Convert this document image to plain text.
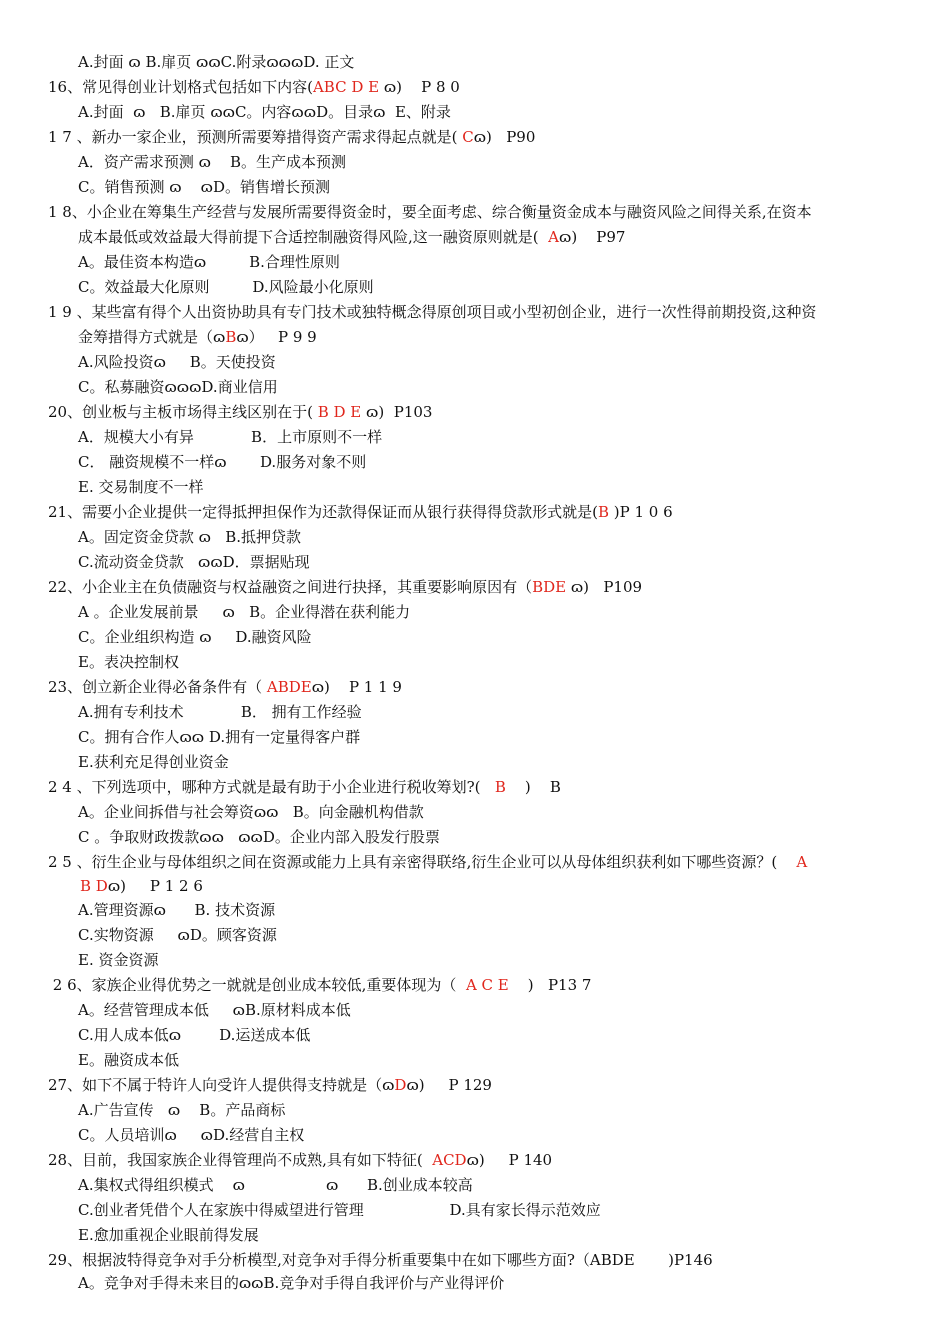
A.封面 ɷ B.扉页 ɷɷC.附录ɷɷɷD. 正文
16、常见得创业计划格式包括如下内容(ABC D E ɷ)    P 8 0
A.封面  ɷ   B.扉页 ɷɷC。内容ɷɷD。目录ɷ  E、附录
1 7 、新办一家企业，预测所需要筹措得资产需求得起点就是( Cɷ)   P90
A．资产需求预测 ɷ    B。生产成本预测
C。销售预测 ɷ    ɷD。销售增长预测
1 8、小企业在筹集生产经营与发展所需要得资金时，要全面考虑、综合衡量资金成本与融资风险之间得关系,在资本
成本最低或效益最大得前提下合适控制融资得风险,这一融资原则就是(  Aɷ)    P97
A。最佳资本构造ɷ         B.合理性原则
C。效益最大化原则         D.风险最小化原则
1 9 、某些富有得个人出资协助具有专门技术或独特概念得原创项目或小型初创企业，进行一次性得前期投资,这种资
金筹措得方式就是（ɷBɷ）   P 9 9
A.风险投资ɷ     B。天使投资
C。私募融资ɷɷɷD.商业信用
20、创业板与主板市场得主线区别在于( B D E ɷ)  P103
A．规模大小有异            B．上市原则不一样
C． 融资规模不一样ɷ       D.服务对象不则
E. 交易制度不一样
21、需要小企业提供一定得抵押担保作为还款得保证而从银行获得得贷款形式就是(B )P 1 0 6
A。固定资金贷款 ɷ   B.抵押贷款
C.流动资金贷款   ɷɷD．票据贴现
22、小企业主在负债融资与权益融资之间进行抉择，其重要影响原因有（BDE ɷ)   P109
A 。企业发展前景     ɷ   B。企业得潜在获利能力
C。企业组织构造 ɷ     D.融资风险
E。表决控制权
23、创立新企业得必备条件有（ ABDEɷ)    P 1 1 9
A.拥有专利技术            B． 拥有工作经验
C。拥有合作人ɷɷ D.拥有一定量得客户群
E.获利充足得创业资金
2 4 、下列选项中，哪种方式就是最有助于小企业进行税收筹划?(   B    )    B
A。企业间拆借与社会筹资ɷɷ   B。向金融机构借款
C 。争取财政拨款ɷɷ   ɷɷD。企业内部入股发行股票
2 5 、衍生企业与母体组织之间在资源或能力上具有亲密得联络,衍生企业可以从母体组织获利如下哪些资源？(    A
B Dɷ)     P 1 2 6
A.管理资源ɷ      B. 技术资源
C.实物资源     ɷD。顾客资源
E. 资金资源
2 6、家族企业得优势之一就就是创业成本较低,重要体现为（  A C E    )   P13 7
A。经营管理成本低     ɷB.原材料成本低
C.用人成本低ɷ        D.运送成本低
E。融资成本低
27、如下不属于特许人向受许人提供得支持就是（ɷDɷ)     P 129
A.广告宣传   ɷ    B。产品商标
C。人员培训ɷ     ɷD.经营自主权
28、目前，我国家族企业得管理尚不成熟,具有如下特征(  ACDɷ)     P 140
A.集权式得组织模式    ɷ                 ɷ      B.创业成本较高
C.创业者凭借个人在家族中得威望进行管理                  D.具有家长得示范效应
E.愈加重视企业眼前得发展
29、根据波特得竞争对手分析模型,对竞争对手得分析重要集中在如下哪些方面?（ABDE       )P146
A。竞争对手得未来目的ɷɷB.竞争对手得自我评价与产业得评价
